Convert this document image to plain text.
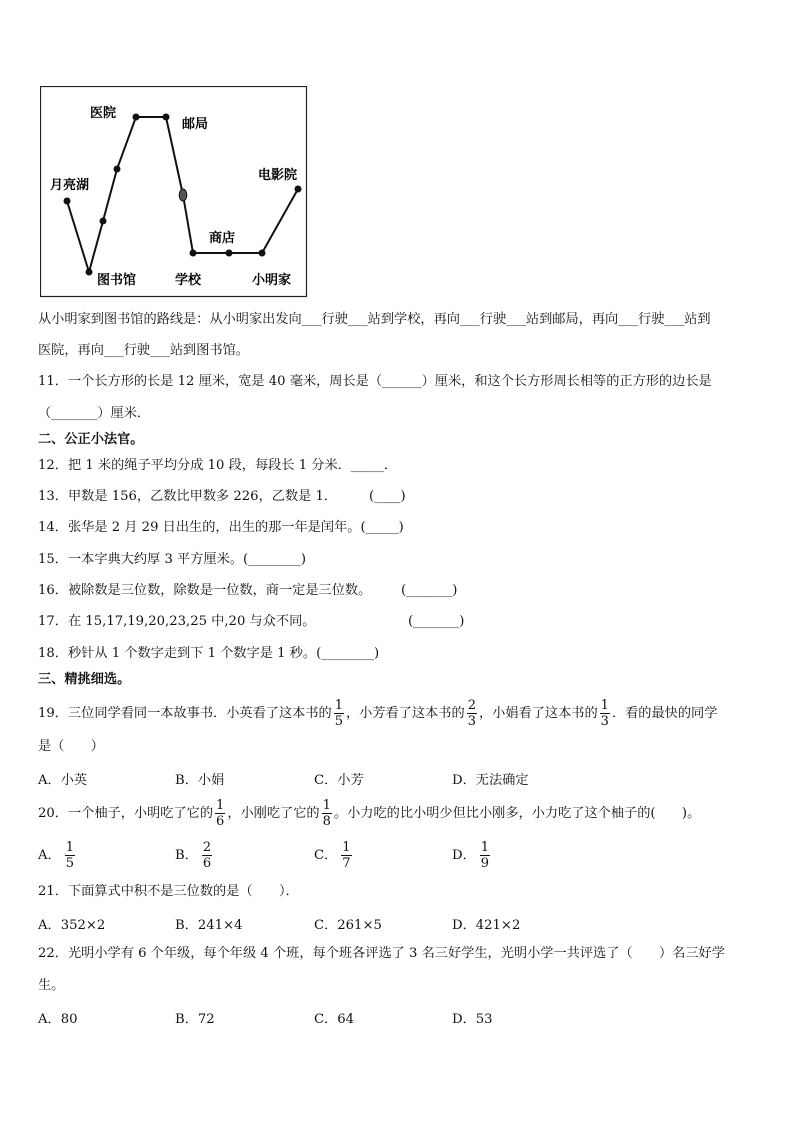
医院
邮局
月亮湖
电影院
商店
图书馆	学校	小明家
从小明家到图书馆的路线是：从小明家出发向___行驶___站到学校，再向___行驶___站到邮局，再向___行驶___站到
医院，再向___行驶___站到图书馆。
11．一个长方形的长是 12 厘米，宽是 40 毫米，周长是（______）厘米，和这个长方形周长相等的正方形的边长是
（_______）厘米．
二、公正小法官。
12．把 1 米的绳子平均分成 10 段，每段长 1 分米．_____．
13．甲数是 156，乙数比甲数多 226，乙数是 1． (____)
14．张华是 2 月 29 日出生的，出生的那一年是闰年。(_____)
15．一本字典大约厚 3 平方厘米。(________)
16．被除数是三位数，除数是一位数，商一定是三位数。 (_______)
17．在 15,17,19,20,23,25 中,20 与众不同。	(_______)
18．秒针从 1 个数字走到下 1 个数字是 1 秒。(________)
三、精挑细选。
19．三位同学看同一本故事书．小英看了这本书的 $\frac{1}{5}$ ，小芳看了这本书的 $\frac{2}{3}$ ，小娟看了这本书的 $\frac{1}{3}$ ．看的最快的同学
是（　　）
A．小英	B．小娟	C．小芳	D．无法确定
20．一个柚子，小明吃了它的 $\frac{1}{6}$ ，小刚吃了它的 $\frac{1}{8}$ 。小力吃的比小明少但比小刚多，小力吃了这个柚子的(　　)。
A． $\frac{1}{5}$	B． $\frac{2}{6}$	C． $\frac{1}{7}$	D． $\frac{1}{9}$
21．下面算式中积不是三位数的是（　　）．
A．352×2	B．241×4	C．261×5	D．421×2
22．光明小学有 6 个年级，每个年级 4 个班，每个班各评选了 3 名三好学生，光明小学一共评选了（　　）名三好学
生。
A．80	B．72	C．64	D．53
